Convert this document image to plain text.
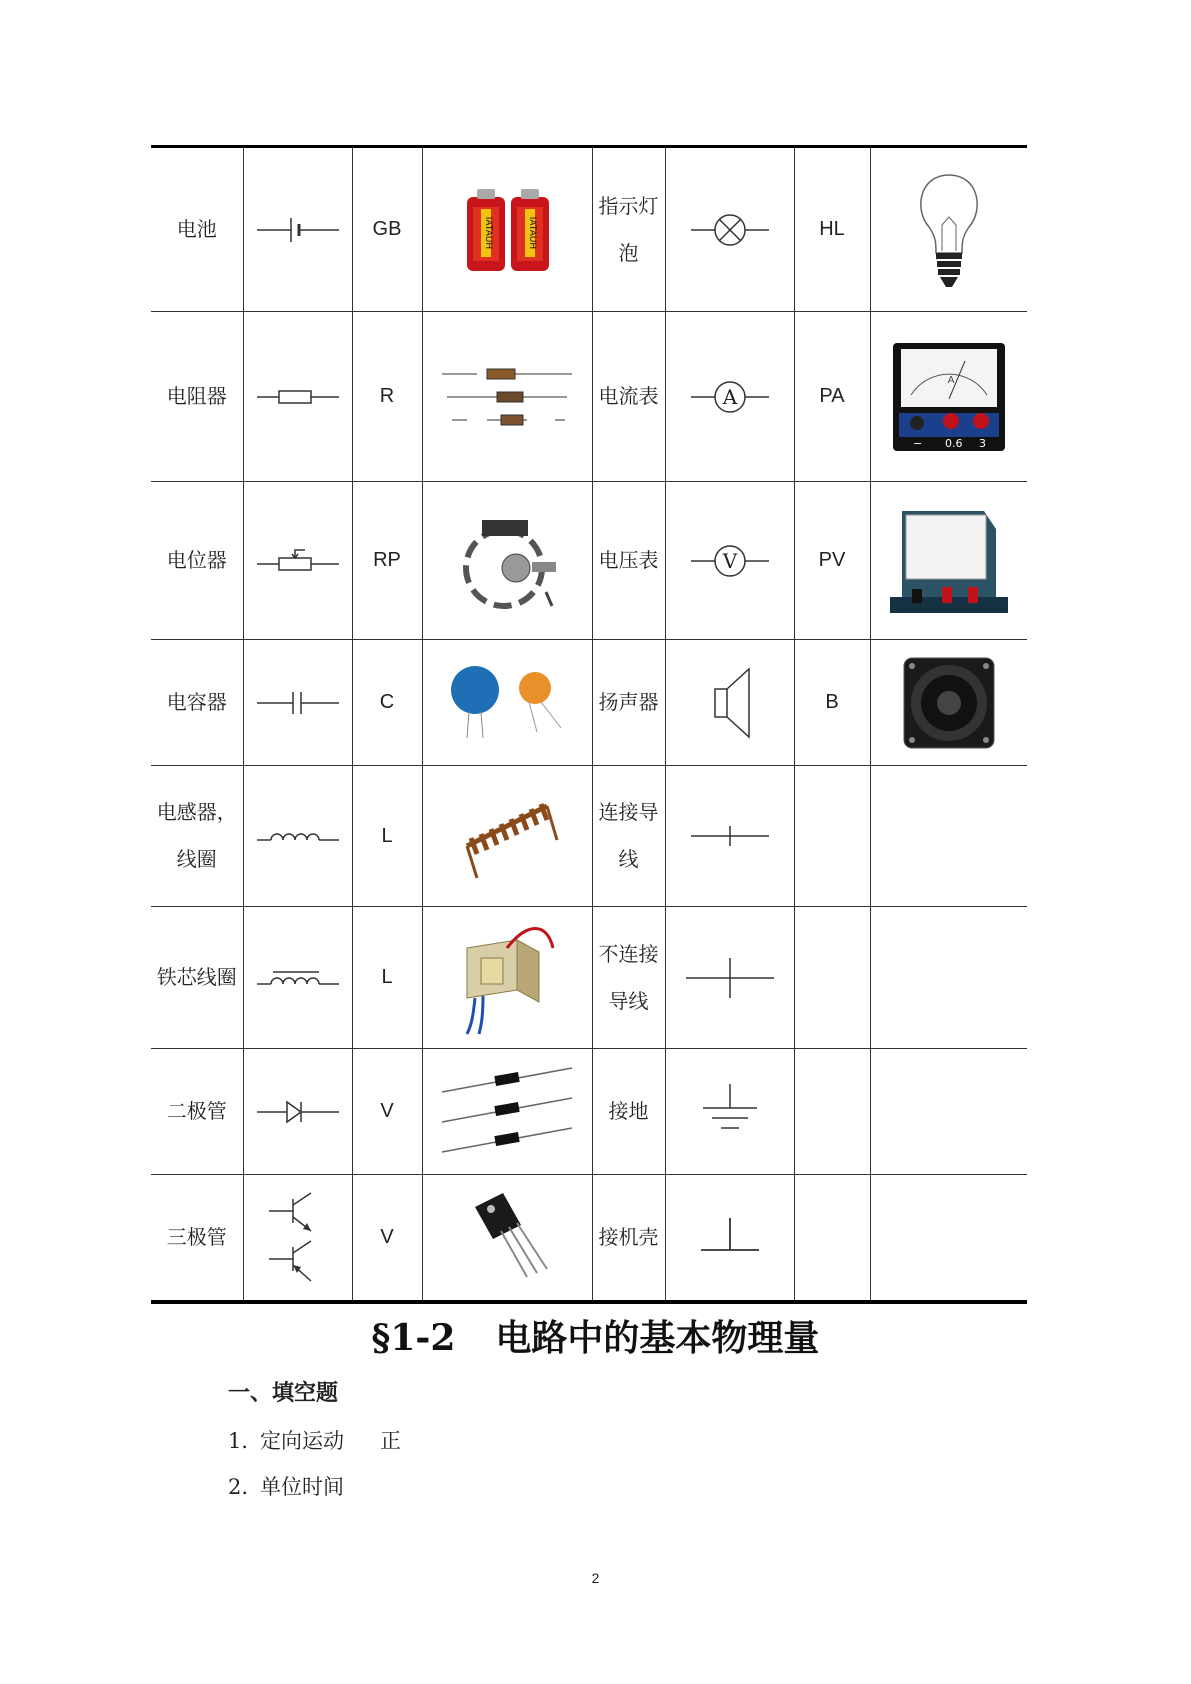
电池		GB	IATAUH IATAUH	指示灯泡		HL	

电阻器		R		电流表	A	PA	A
− 0.6 3

电位器		RP		电压表	V	PV	

电容器		C		扬声器		B	

电感器，线圈		L		连接导线	

铁芯线圈		L		不连接导线	

二极管		V		接地	

三极管		V		接机壳	

§1-2 电路中的基本物理量
一、填空题
1. 定向运动 正
2. 单位时间
2
